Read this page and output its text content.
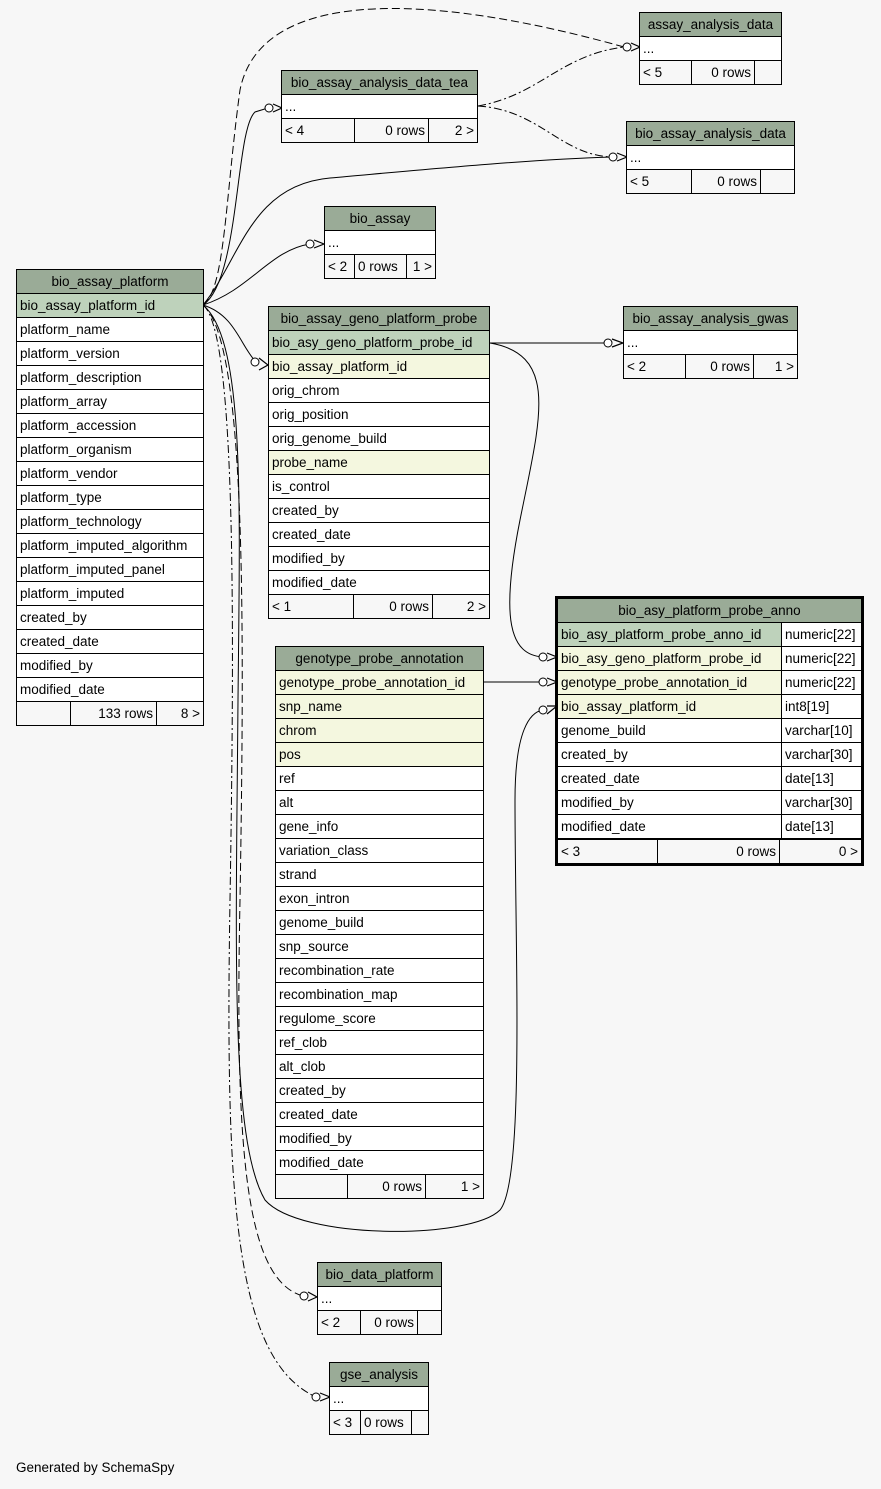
assay_analysis_data
...
< 5	0 rows
bio_assay_analysis_data_tea
...
< 4	0 rows	2 >	bio_assay_analysis_data
...
< 5	0 rows
bio_assay
...
< 2 0 rows	1 >
bio_assay_platform
bio_assay_platform_id
platform_name
platform_version
platform_description
platform_array
platform_accession
platform_organism
platform_vendor
platform_type
platform_technology
platform_imputed_algorithm
platform_imputed_panel
platform_imputed
created_by
created_date
modified_by
modified_date
133 rows	8 >
bio_assay_geno_platform_probe
bio_asy_geno_platform_probe_id
bio_assay_platform_id
orig_chrom
orig_position
orig_genome_build
probe_name
is_control
created_by
created_date
modified_by
modified_date
< 1	0 rows	2 >
bio_assay_analysis_gwas
...
< 2	0 rows	1 >
bio_asy_platform_probe_anno
bio_asy_platform_probe_anno_id	numeric[22]
bio_asy_geno_platform_probe_id	numeric[22]
genotype_probe_annotation_id	numeric[22]
bio_assay_platform_id	int8[19]
genome_build	varchar[10]
created_by	varchar[30]
created_date	date[13]
modified_by	varchar[30]
modified_date	date[13]
< 3	0 rows	0 >
genotype_probe_annotation
genotype_probe_annotation_id
snp_name
chrom
pos
ref
alt
gene_info
variation_class
strand
exon_intron
genome_build
snp_source
recombination_rate
recombination_map
regulome_score
ref_clob
alt_clob
created_by
created_date
modified_by
modified_date
0 rows	1 >
bio_data_platform
...
< 2	0 rows
gse_analysis
...
< 3 0 rows
Generated by SchemaSpy
